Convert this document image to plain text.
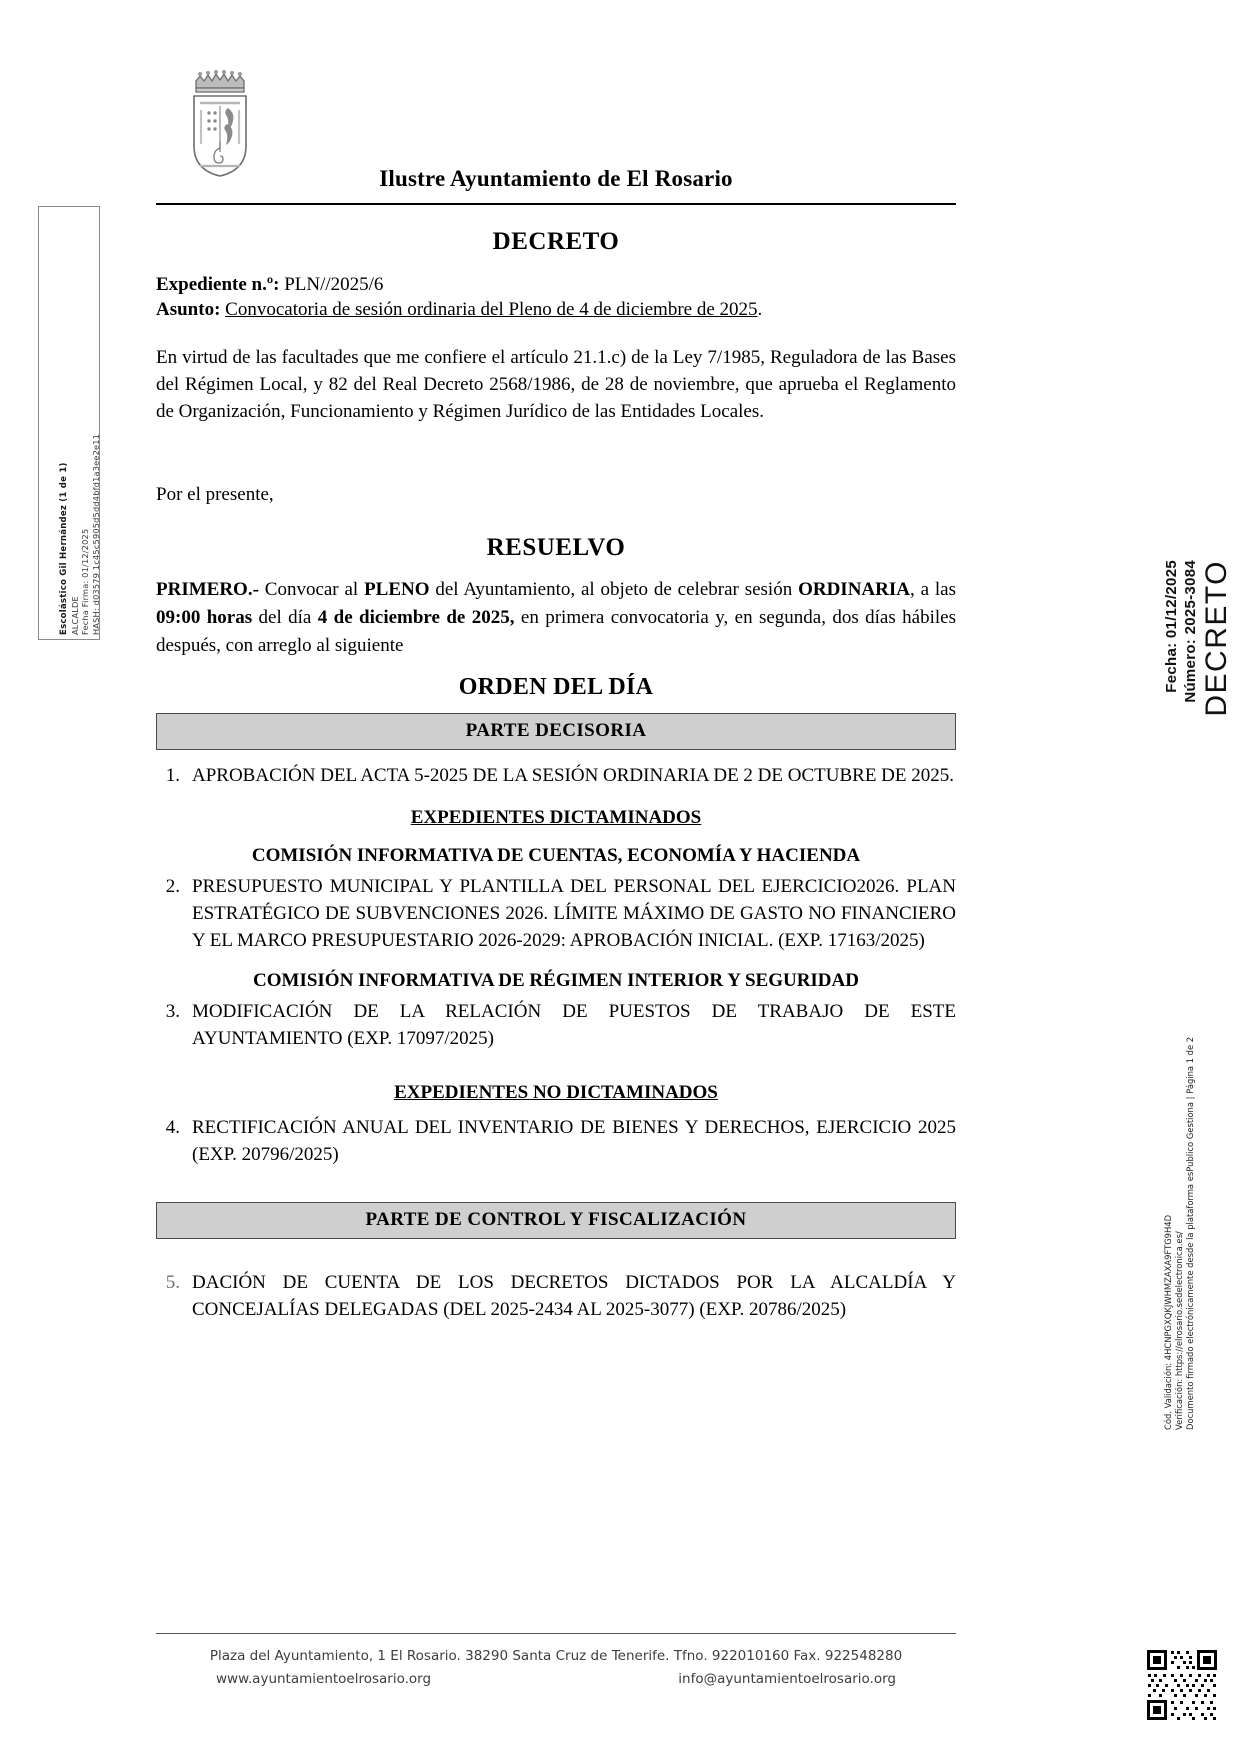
Escolástico Gil Hernández (1 de 1) ALCALDE Fecha Firma: 01/12/2025 HASH: d03579 1c45c5905d5dd4bfd1a3ee2e11	Fecha: 01/12/2025 Número: 2025-3084 DECRETO
Cód. Validación: 4HCNPGXQKJWHMZAXA9FTG9H4D Verificación: https://elrosario.sedelectronica.es/ Documento firmado electrónicamente desde la plataforma esPublico Gestiona | Página 1 de 2
Ilustre Ayuntamiento de El Rosario
DECRETO

Expediente n.º: PLN//2025/6

Asunto: Convocatoria de sesión ordinaria del Pleno de 4 de diciembre de 2025.

En virtud de las facultades que me confiere el artículo 21.1.c) de la Ley 7/1985, Reguladora de las Bases del Régimen Local, y 82 del Real Decreto 2568/1986, de 28 de noviembre, que aprueba el Reglamento de Organización, Funcionamiento y Régimen Jurídico de las Entidades Locales.

Por el presente,

RESUELVO

PRIMERO.- Convocar al PLENO del Ayuntamiento, al objeto de celebrar sesión ORDINARIA, a las 09:00 horas del día 4 de diciembre de 2025, en primera convocatoria y, en segunda, dos días hábiles después, con arreglo al siguiente

ORDEN DEL DÍA
PARTE DECISORIA
1. APROBACIÓN DEL ACTA 5-2025 DE LA SESIÓN ORDINARIA DE 2 DE OCTUBRE DE 2025.
EXPEDIENTES DICTAMINADOS
COMISIÓN INFORMATIVA DE CUENTAS, ECONOMÍA Y HACIENDA
2. PRESUPUESTO MUNICIPAL Y PLANTILLA DEL PERSONAL DEL EJERCICIO2026. PLAN ESTRATÉGICO DE SUBVENCIONES 2026. LÍMITE MÁXIMO DE GASTO NO FINANCIERO Y EL MARCO PRESUPUESTARIO 2026-2029: APROBACIÓN INICIAL. (EXP. 17163/2025)
COMISIÓN INFORMATIVA DE RÉGIMEN INTERIOR Y SEGURIDAD
3. MODIFICACIÓN DE LA RELACIÓN DE PUESTOS DE TRABAJO DE ESTE AYUNTAMIENTO (EXP. 17097/2025)
EXPEDIENTES NO DICTAMINADOS
4. RECTIFICACIÓN ANUAL DEL INVENTARIO DE BIENES Y DERECHOS, EJERCICIO 2025 (EXP. 20796/2025)
PARTE DE CONTROL Y FISCALIZACIÓN
5. DACIÓN DE CUENTA DE LOS DECRETOS DICTADOS POR LA ALCALDÍA Y CONCEJALÍAS DELEGADAS (DEL 2025-2434 AL 2025-3077) (EXP. 20786/2025)
Plaza del Ayuntamiento, 1 El Rosario. 38290 Santa Cruz de Tenerife. Tfno. 922010160 Fax. 922548280
www.ayuntamientoelrosario.org	info@ayuntamientoelrosario.org
